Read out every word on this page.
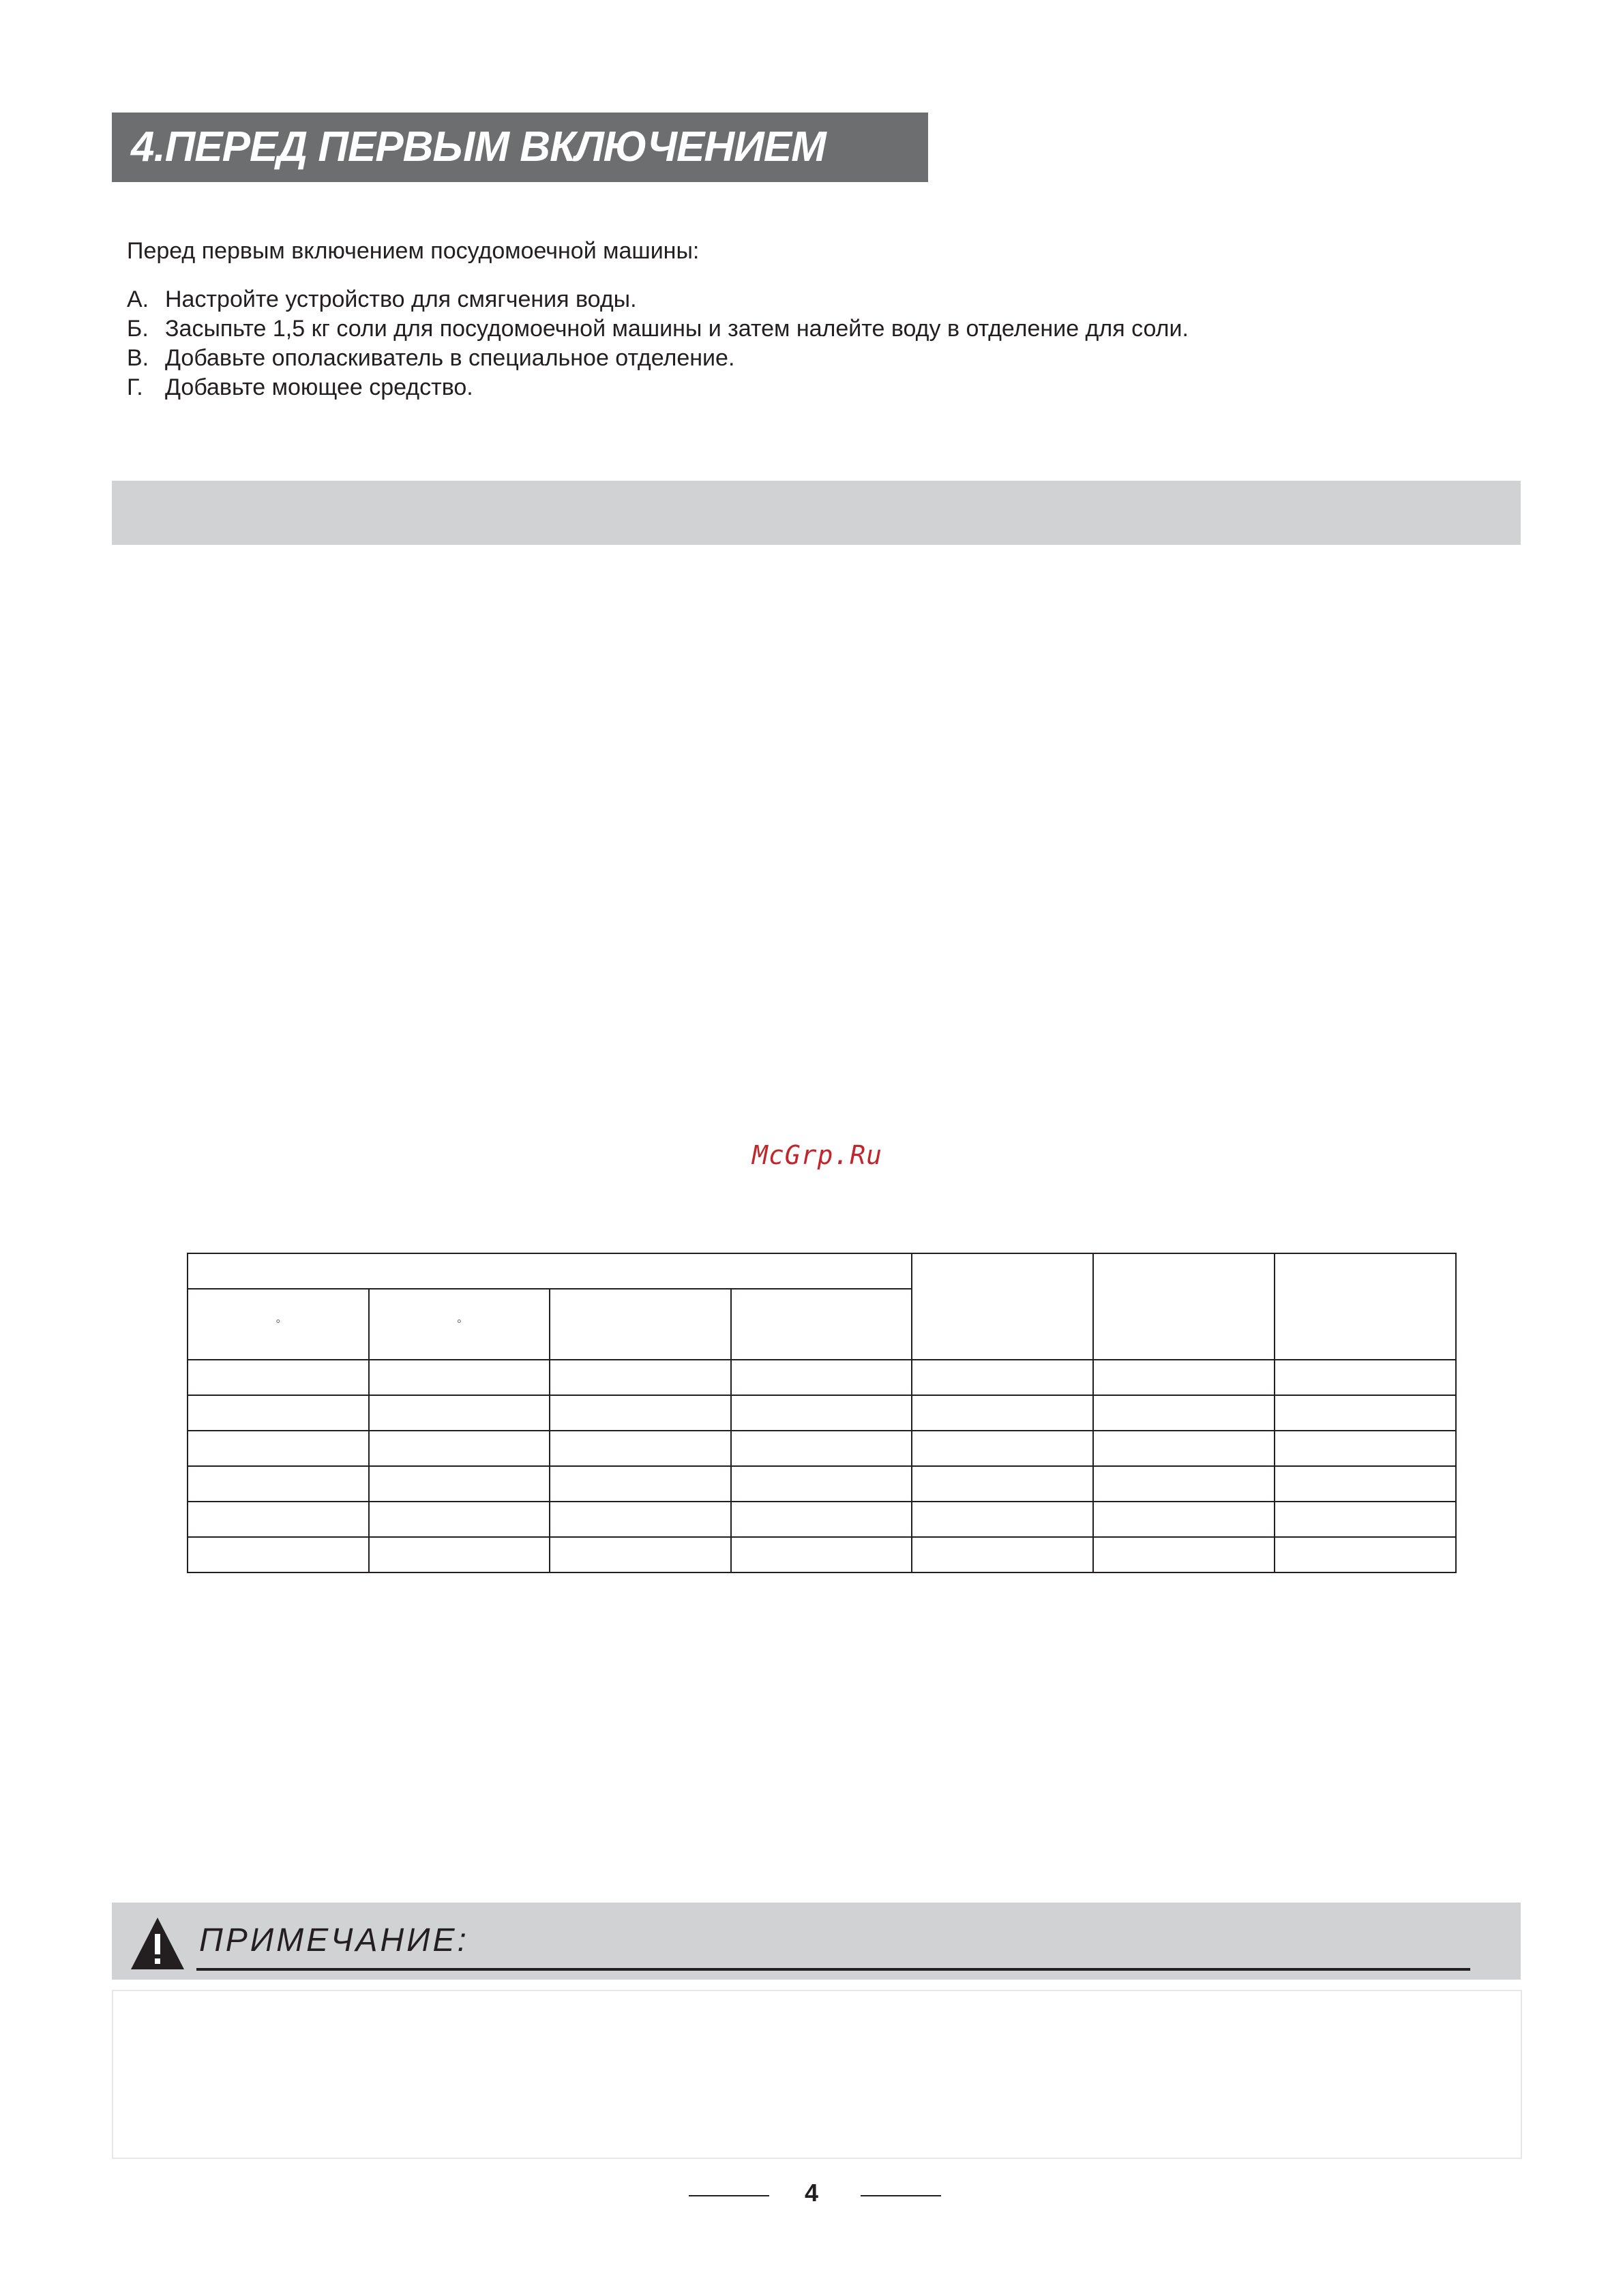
4.ПЕРЕД ПЕРВЫМ ВКЛЮЧЕНИЕМ
Перед первым включением посудомоечной машины:
А. Настройте устройство для смягчения воды.
Б. Засыпьте 1,5 кг соли для посудомоечной машины и затем налейте воду в отделение для соли.
В. Добавьте ополаскиватель в специальное отделение.
Г. Добавьте моющее средство.
McGrp.Ru

°	°					

ПРИМЕЧАНИЕ:
4
